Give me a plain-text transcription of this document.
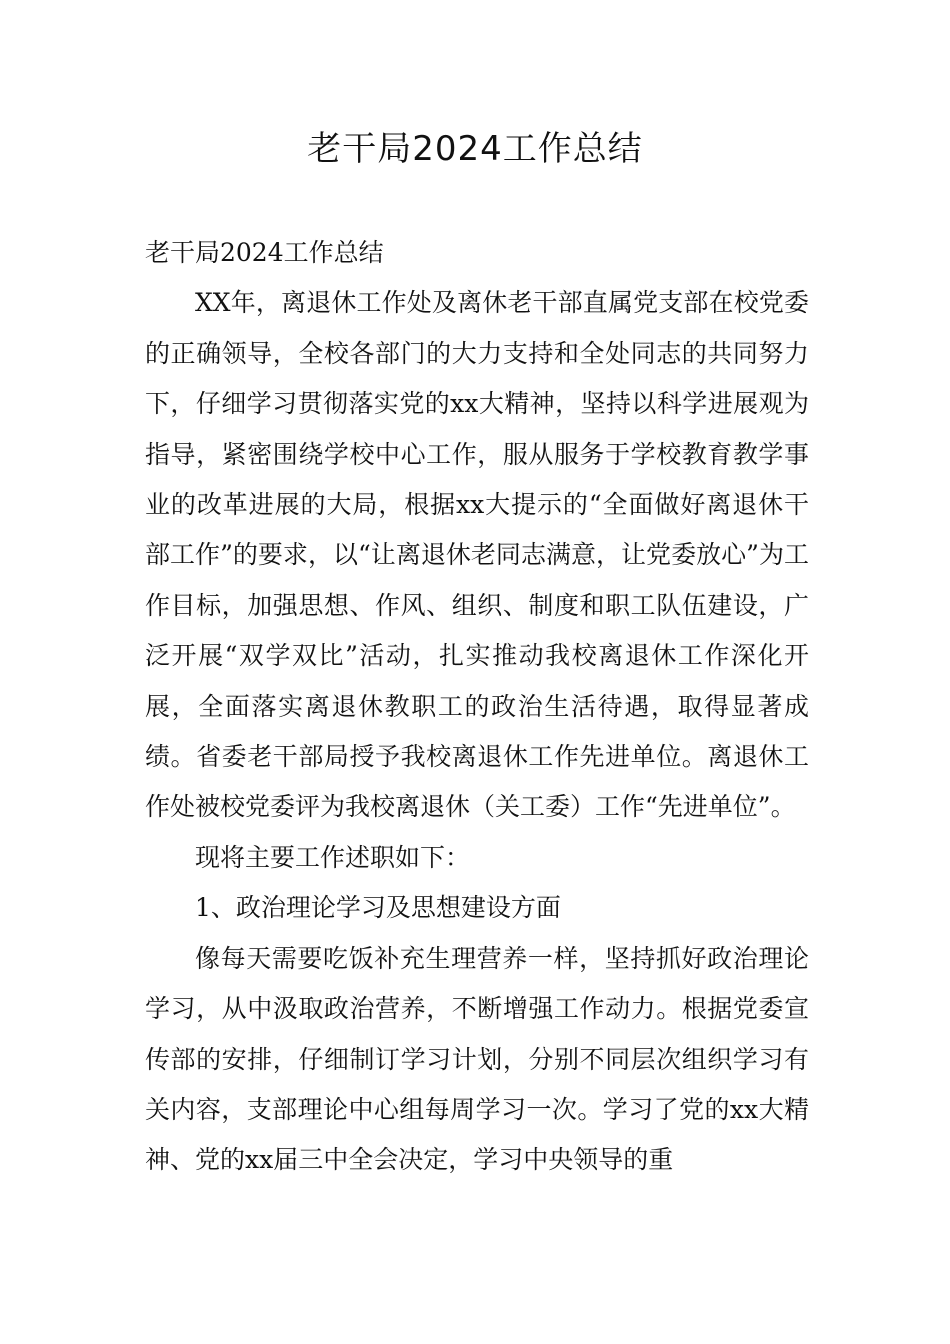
老干局2024工作总结

老干局2024工作总结

XX年，离退休工作处及离休老干部直属党支部在校党委的正确领导，全校各部门的大力支持和全处同志的共同努力下，仔细学习贯彻落实党的xx大精神，坚持以科学进展观为指导，紧密围绕学校中心工作，服从服务于学校教育教学事业的改革进展的大局，根据xx大提示的“全面做好离退休干部工作”的要求，以“让离退休老同志满意，让党委放心”为工作目标，加强思想、作风、组织、制度和职工队伍建设，广泛开展“双学双比”活动，扎实推动我校离退休工作深化开展，全面落实离退休教职工的政治生活待遇，取得显著成绩。省委老干部局授予我校离退休工作先进单位。离退休工作处被校党委评为我校离退休（关工委）工作“先进单位”。

现将主要工作述职如下：

1、政治理论学习及思想建设方面

像每天需要吃饭补充生理营养一样，坚持抓好政治理论学习，从中汲取政治营养，不断增强工作动力。根据党委宣传部的安排，仔细制订学习计划，分别不同层次组织学习有关内容，支部理论中心组每周学习一次。学习了党的xx大精神、党的xx届三中全会决定，学习中央领导的重
